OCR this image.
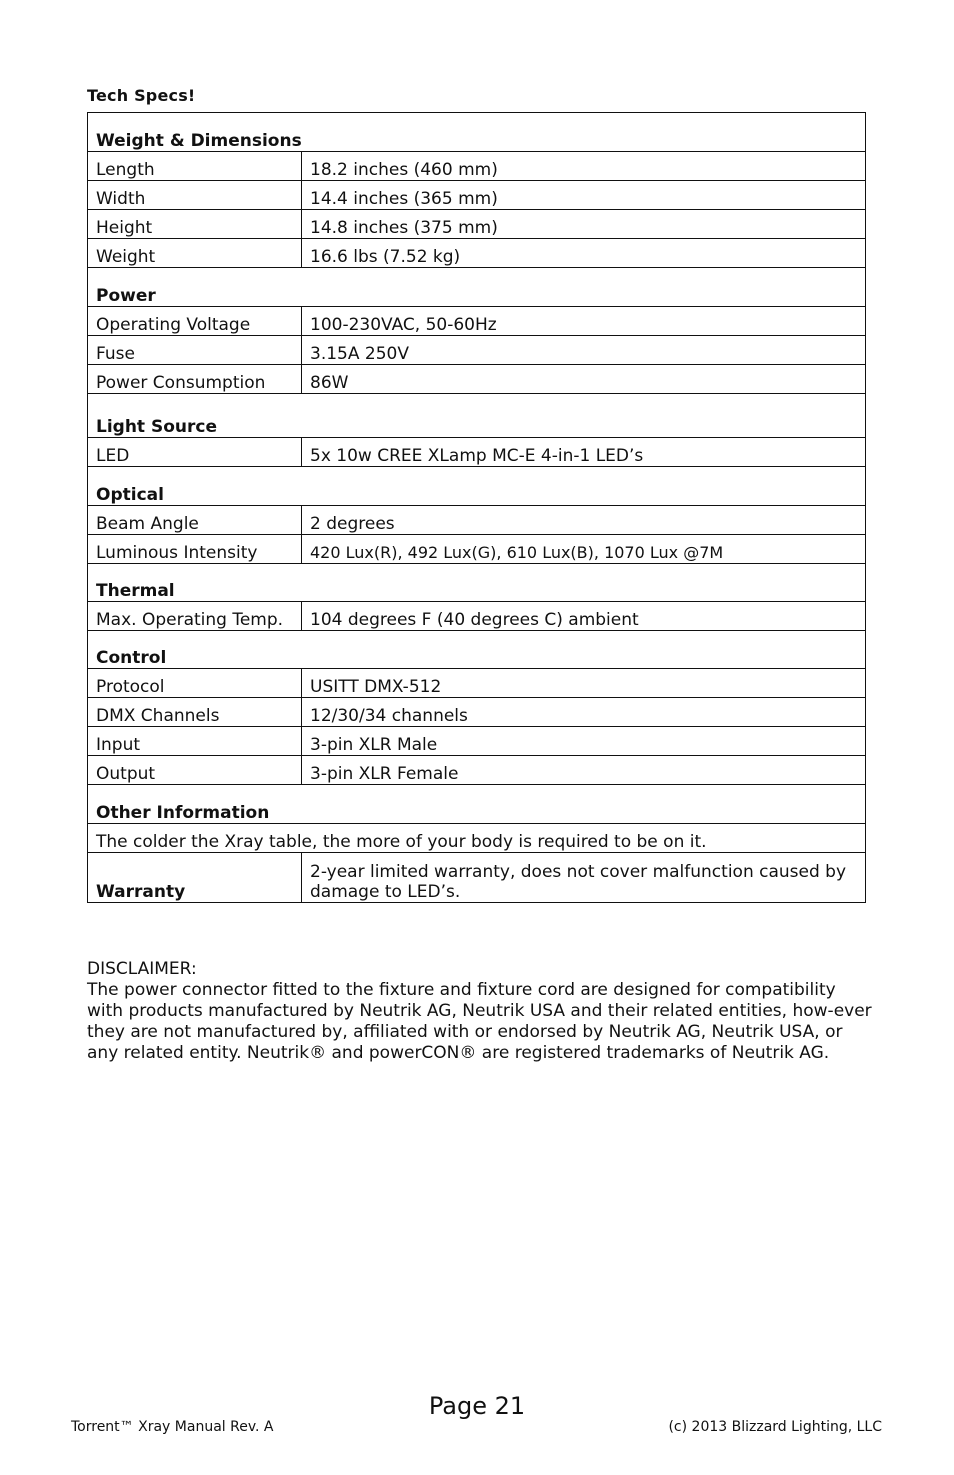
Tech Specs!
Weight & Dimensions	
Length	18.2 inches (460 mm)
Width	14.4 inches (365 mm)
Height	14.8 inches (375 mm)
Weight	16.6 lbs (7.52 kg)
Power	
Operating Voltage	100-230VAC, 50-60Hz
Fuse	3.15A 250V
Power Consumption	86W
Light Source	
LED	5x 10w CREE XLamp MC-E 4-in-1 LED’s
Optical	
Beam Angle	2 degrees
Luminous Intensity	420 Lux(R), 492 Lux(G), 610 Lux(B), 1070 Lux @7M
Thermal	
Max. Operating Temp.	104 degrees F (40 degrees C) ambient
Control	
Protocol	USITT DMX-512
DMX Channels	12/30/34 channels
Input	3-pin XLR Male
Output	3-pin XLR Female
Other Information	
The colder the Xray table, the more of your body is required to be on it.	
Warranty	2-year limited warranty, does not cover malfunction caused by damage to LED’s.

DISCLAIMER:

The power connector fitted to the fixture and fixture cord are designed for compatibility with products manufactured by Neutrik AG, Neutrik USA and their related entities, how-ever they are not manufactured by, affiliated with or endorsed by Neutrik AG, Neutrik USA, or any related entity. Neutrik® and powerCON® are registered trademarks of Neutrik AG.

Page 21
Torrent™ Xray Manual Rev. A	(c) 2013 Blizzard Lighting, LLC
